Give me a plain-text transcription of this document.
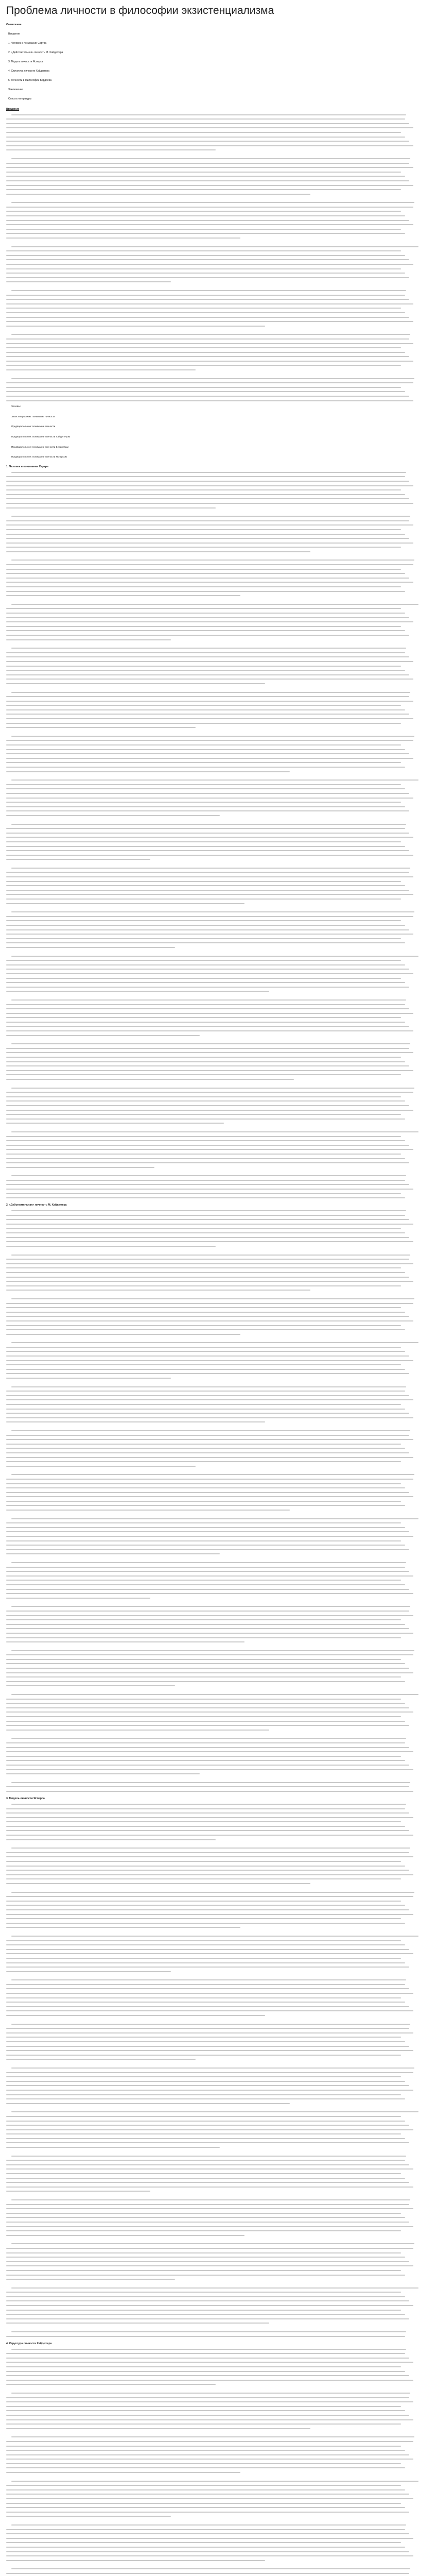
Проблема личности в философии экзистенциализма
Оглавление
Введение
1. Человек в понимании Сартра
2. «Действительная» личность М. Хайдеггера
3. Модель личности Ясперса
4. Структура личности Хайдеггера
5. Личность в философии Бердяева
Заключение
Список литературы
Введение
Человек
Экзистенциализм: понимание личности
Предварительное: понимание личности
Предварительное: понимание личности Хайдеггером
Предварительное: понимание личности Бердяевым
Предварительное: понимание личности Ясперсом
1. Человек в понимании Сартра
2. «Действительная» личность М. Хайдеггера
3. Модель личности Ясперса
4. Структура личности Хайдеггера
